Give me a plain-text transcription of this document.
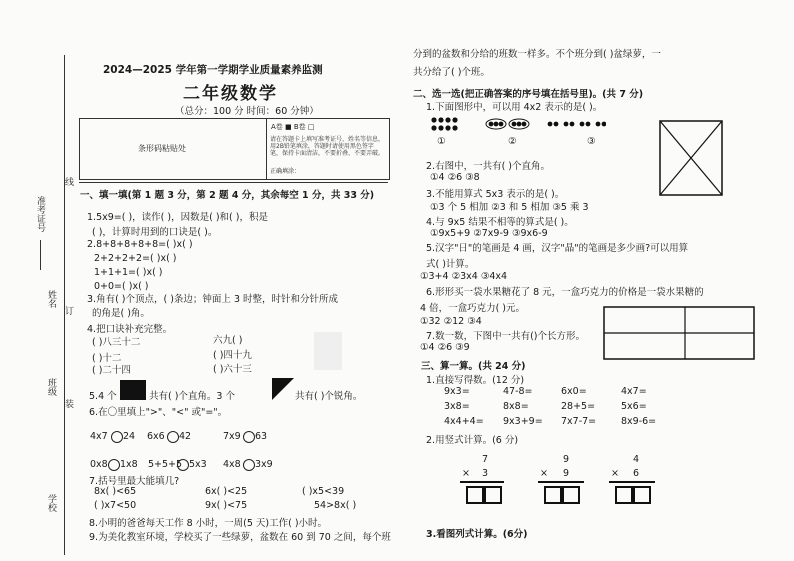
准考证号
姓名
班级
学校
线
订
装
2024—2025 学年第一学期学业质量素养监测
二年级数学
（总分：100 分 时间：60 分钟）
条形码粘贴处
A卷 ■ B卷 □
请在答题卡上填写准考证号、姓名等信息，用2B铅笔填涂，答题时请使用黑色签字笔，保持卡面清洁，不要折叠、不要弄破。
正确填涂：
一、填一填(第 1 题 3 分，第 2 题 4 分，其余每空 1 分，共 33 分)
1.5x9=( )，读作( )，因数是( )和( )，积是
( )，计算时用到的口诀是( )。
2.8+8+8+8+8=( )x( )
2+2+2+2=( )x( )
1+1+1=( )x( )
0+0=( )x( )
3.角有( )个顶点，( )条边；钟面上 3 时整，时针和分针所成
的角是( )角。
4.把口诀补充完整。
( )八三十二	六九( )
( )十二	( )四十九
( )二十四	( )六十三
5.4 个	共有( )个直角。3 个	共有( )个锐角。
6.在〇里填上">"、"<" 或"="。
4x7 24 6x6 42	7x9 63
0x8 1x8 5+5+5 5x3 4x8 3x9
7.括号里最大能填几?
8x( )<65	6x( )<25	( )x5<39
( )x7<50	9x( )<75	54>8x( )
8.小明的爸爸每天工作 8 小时，一周(5 天)工作( )小时。
9.为美化教室环境，学校买了一些绿萝，盆数在 60 到 70 之间，每个班
分到的盆数和分给的班数一样多。不个班分到( )盆绿萝，一
共分给了( )个班。
二、选一选(把正确答案的序号填在括号里)。(共 7 分)
1.下面图形中，可以用 4x2 表示的是( )。
①	②	③
2.右图中，一共有( )个直角。
①4 ②6 ③8
3.不能用算式 5x3 表示的是( )。
①3 个 5 相加 ②3 和 5 相加 ③5 乘 3
4.与 9x5 结果不相等的算式是( )。
①9x5+9 ②7x9-9 ③9x6-9
5.汉字"日"的笔画是 4 画，汉字"晶"的笔画是多少画?可以用算
式( )计算。
①3+4 ②3x4 ③4x4
6.形形买一袋水果糖花了 8 元，一盒巧克力的价格是一袋水果糖的
4 倍，一盒巧克力( )元。
①32 ②12 ③4
7.数一数，下图中一共有()个长方形。
①4 ②6 ③9
三、算一算。(共 24 分)
1.直接写得数。(12 分)
9x3=	47-8=	6x0=	4x7=
3x8=	8x8=	28+5=	5x6=
4x4+4= 9x3+9= 7x7-7=	8x9-6=
2.用竖式计算。(6 分)
7
× 3
9
× 9
4
× 6
3.看图列式计算。(6分)
